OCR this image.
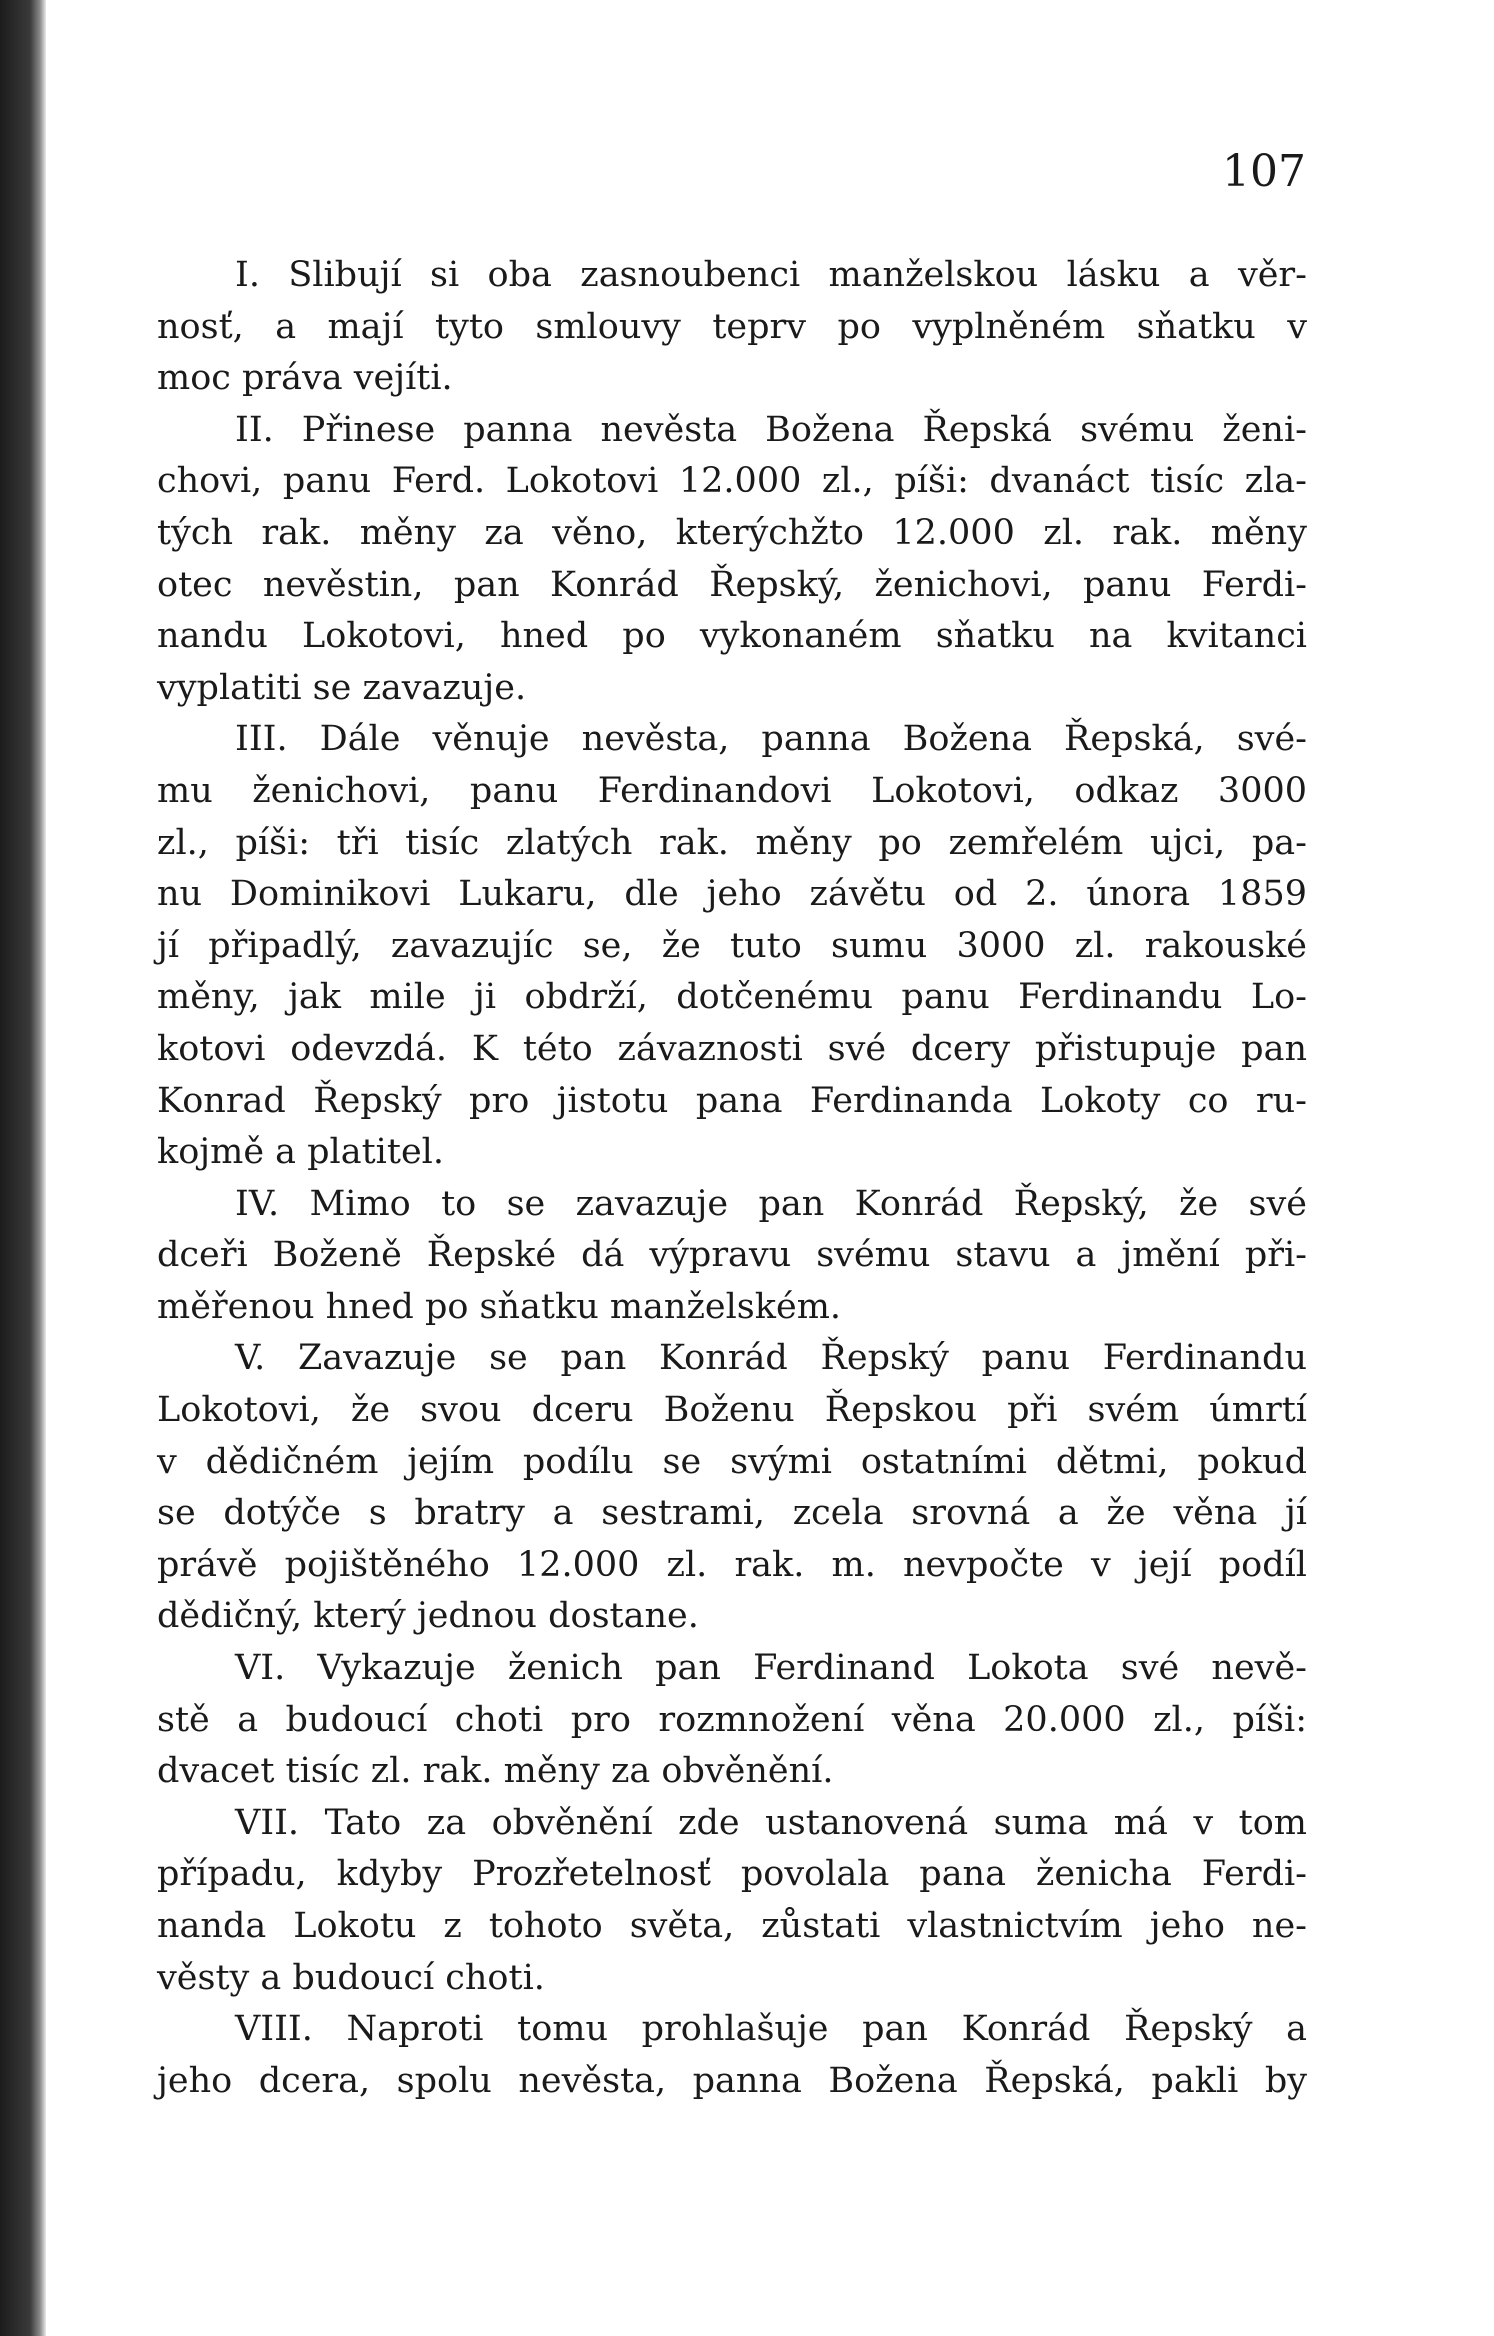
107
I. Slibují si oba zasnoubenci manželskou lásku a věr-
nosť, a mají tyto smlouvy teprv po vyplněném sňatku v
moc práva vejíti.
II. Přinese panna nevěsta Božena Řepská svému ženi-
chovi, panu Ferd. Lokotovi 12.000 zl., píši: dvanáct tisíc zla-
tých rak. měny za věno, kterýchžto 12.000 zl. rak. měny
otec nevěstin, pan Konrád Řepský, ženichovi, panu Ferdi-
nandu Lokotovi, hned po vykonaném sňatku na kvitanci
vyplatiti se zavazuje.
III. Dále věnuje nevěsta, panna Božena Řepská, své-
mu ženichovi, panu Ferdinandovi Lokotovi, odkaz 3000
zl., píši: tři tisíc zlatých rak. měny po zemřelém ujci, pa-
nu Dominikovi Lukaru, dle jeho závětu od 2. února 1859
jí připadlý, zavazujíc se, že tuto sumu 3000 zl. rakouské
měny, jak mile ji obdrží, dotčenému panu Ferdinandu Lo-
kotovi odevzdá. K této závaznosti své dcery přistupuje pan
Konrad Řepský pro jistotu pana Ferdinanda Lokoty co ru-
kojmě a platitel.
IV. Mimo to se zavazuje pan Konrád Řepský, že své
dceři Boženě Řepské dá výpravu svému stavu a jmění při-
měřenou hned po sňatku manželském.
V. Zavazuje se pan Konrád Řepský panu Ferdinandu
Lokotovi, že svou dceru Boženu Řepskou při svém úmrtí
v dědičném jejím podílu se svými ostatními dětmi, pokud
se dotýče s bratry a sestrami, zcela srovná a že věna jí
právě pojištěného 12.000 zl. rak. m. nevpočte v její podíl
dědičný, který jednou dostane.
VI. Vykazuje ženich pan Ferdinand Lokota své nevě-
stě a budoucí choti pro rozmnožení věna 20.000 zl., píši:
dvacet tisíc zl. rak. měny za obvěnění.
VII. Tato za obvěnění zde ustanovená suma má v tom
případu, kdyby Prozřetelnosť povolala pana ženicha Ferdi-
nanda Lokotu z tohoto světa, zůstati vlastnictvím jeho ne-
věsty a budoucí choti.
VIII. Naproti tomu prohlašuje pan Konrád Řepský a
jeho dcera, spolu nevěsta, panna Božena Řepská, pakli by
